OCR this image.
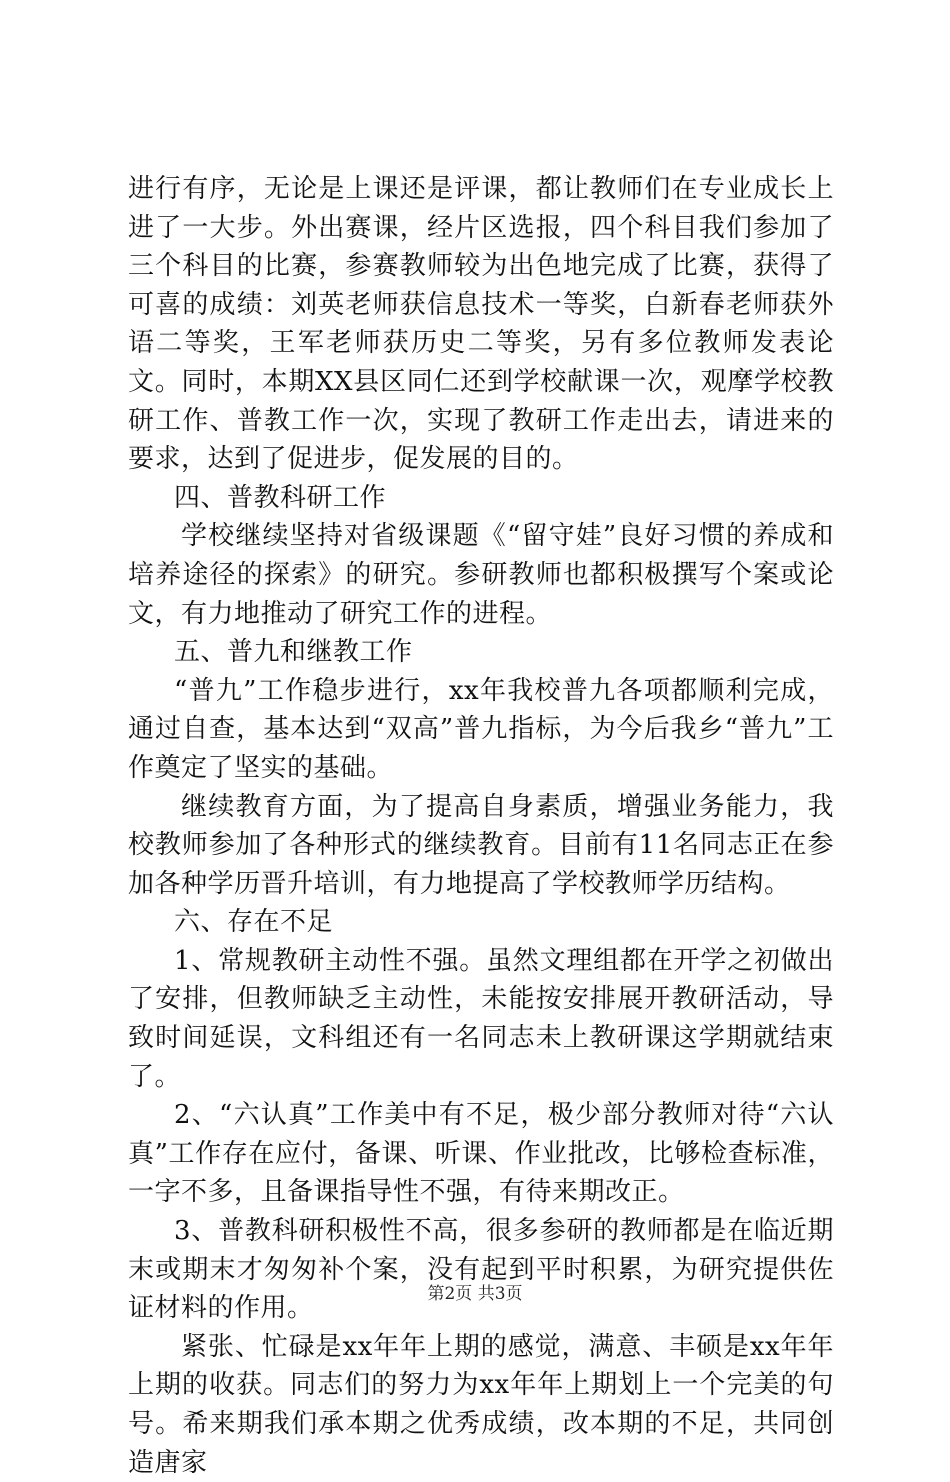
进行有序，无论是上课还是评课，都让教师们在专业成长上进了一大步。外出赛课，经片区选报，四个科目我们参加了三个科目的比赛，参赛教师较为出色地完成了比赛，获得了可喜的成绩：刘英老师获信息技术一等奖，白新春老师获外语二等奖，王军老师获历史二等奖，另有多位教师发表论文。同时，本期XX县区同仁还到学校献课一次，观摩学校教研工作、普教工作一次，实现了教研工作走出去，请进来的要求，达到了促进步，促发展的目的。

四、普教科研工作

学校继续坚持对省级课题《“留守娃”良好习惯的养成和培养途径的探索》的研究。参研教师也都积极撰写个案或论文，有力地推动了研究工作的进程。

五、普九和继教工作

“普九”工作稳步进行，xx年我校普九各项都顺利完成，通过自查，基本达到“双高”普九指标，为今后我乡“普九”工作奠定了坚实的基础。

继续教育方面，为了提高自身素质，增强业务能力，我校教师参加了各种形式的继续教育。目前有11名同志正在参加各种学历晋升培训，有力地提高了学校教师学历结构。

六、存在不足

1、常规教研主动性不强。虽然文理组都在开学之初做出了安排，但教师缺乏主动性，未能按安排展开教研活动，导致时间延误，文科组还有一名同志未上教研课这学期就结束了。

2、“六认真”工作美中有不足，极少部分教师对待“六认真”工作存在应付，备课、听课、作业批改，比够检查标准，一字不多，且备课指导性不强，有待来期改正。

3、普教科研积极性不高，很多参研的教师都是在临近期末或期末才匆匆补个案，没有起到平时积累，为研究提供佐证材料的作用。

紧张、忙碌是xx年年上期的感觉，满意、丰硕是xx年年上期的收获。同志们的努力为xx年年上期划上一个完美的句号。希来期我们承本期之优秀成绩，改本期的不足，共同创造唐家

第2页 共3页
